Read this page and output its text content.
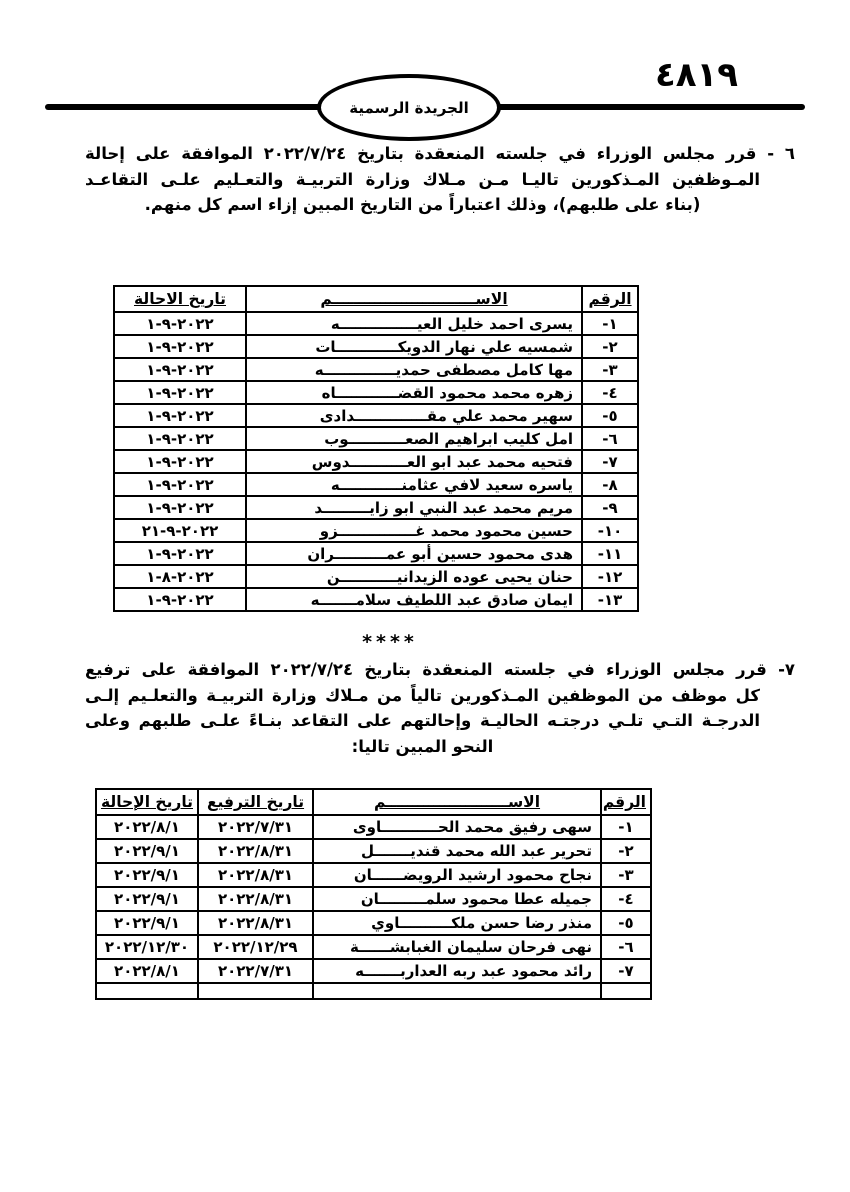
٤٨١٩
الجريدة الرسمية
٦ - قرر مجلس الوزراء في جلسته المنعقدة بتاريخ ٢٠٢٢/٧/٢٤ الموافقة على إحالة
المـوظفين المـذكورين تاليـا مـن مـلاك وزارة التربيـة والتعـليم علـى التقاعـد
(بناء على طلبهم)، وذلك اعتباراً من التاريخ المبين إزاء اسم كل منهم.
الرقم	الاســـــــــــــــــــــــــــم	تاريخ الاحالة
١-	يسرى احمد خليل العيـــــــــــــــه	٢٠٢٢-٩-١
٢-	شمسيه علي نهار الدويكــــــــــــات	٢٠٢٢-٩-١
٣-	مها كامل مصطفى حمديــــــــــــــه	٢٠٢٢-٩-١
٤-	زهره محمد محمود القضــــــــــــاه	٢٠٢٢-٩-١
٥-	سهير محمد علي مقــــــــــــــدادى	٢٠٢٢-٩-١
٦-	امل كليب ابراهيم الصعـــــــــــوب	٢٠٢٢-٩-١
٧-	فتحيه محمد عبد ابو العـــــــــــدوس	٢٠٢٢-٩-١
٨-	ياسره سعيد لافي عثامنــــــــــــه	٢٠٢٢-٩-١
٩-	مريم محمد عبد النبي ابو زايـــــــــد	٢٠٢٢-٩-١
١٠-	حسين محمود محمد غـــــــــــــــزو	٢٠٢٢-٩-٢١
١١-	هدى محمود حسين أبو عمــــــــــران	٢٠٢٢-٩-١
١٢-	حنان يحيى عوده الزيدانيـــــــــــن	٢٠٢٢-٨-١
١٣-	ايمان صادق عبد اللطيف سلامـــــــه	٢٠٢٢-٩-١
****
٧- قرر مجلس الوزراء في جلسته المنعقدة بتاريخ ٢٠٢٢/٧/٢٤ الموافقة على ترفيع
كل موظف من الموظفين المـذكورين تالياً من مـلاك وزارة التربيـة والتعلـيم إلـى
الدرجـة التـي تلـي درجتـه الحاليـة وإحالتهم على التقاعد بنـاءً علـى طلبهم وعلى
النحو المبين تاليا:
الرقم	الاســـــــــــــــــــــــم	تاريخ الترفيع	تاريخ الإحالة
١-	سهى رفيق محمد الحـــــــــــاوى	٢٠٢٢/٧/٣١	٢٠٢٢/٨/١
٢-	تحرير عبد الله محمد قنديـــــــل	٢٠٢٢/٨/٣١	٢٠٢٢/٩/١
٣-	نجاح محمود ارشيد الرويضــــــان	٢٠٢٢/٨/٣١	٢٠٢٢/٩/١
٤-	جميله عطا محمود سلمـــــــــان	٢٠٢٢/٨/٣١	٢٠٢٢/٩/١
٥-	منذر رضا حسن ملكــــــــــاوي	٢٠٢٢/٨/٣١	٢٠٢٢/٩/١
٦-	نهى فرحان سليمان الغبابشــــــة	٢٠٢٢/١٢/٢٩	٢٠٢٢/١٢/٣٠
٧-	رائد محمود عبد ربه العداربـــــــه	٢٠٢٢/٧/٣١	٢٠٢٢/٨/١
